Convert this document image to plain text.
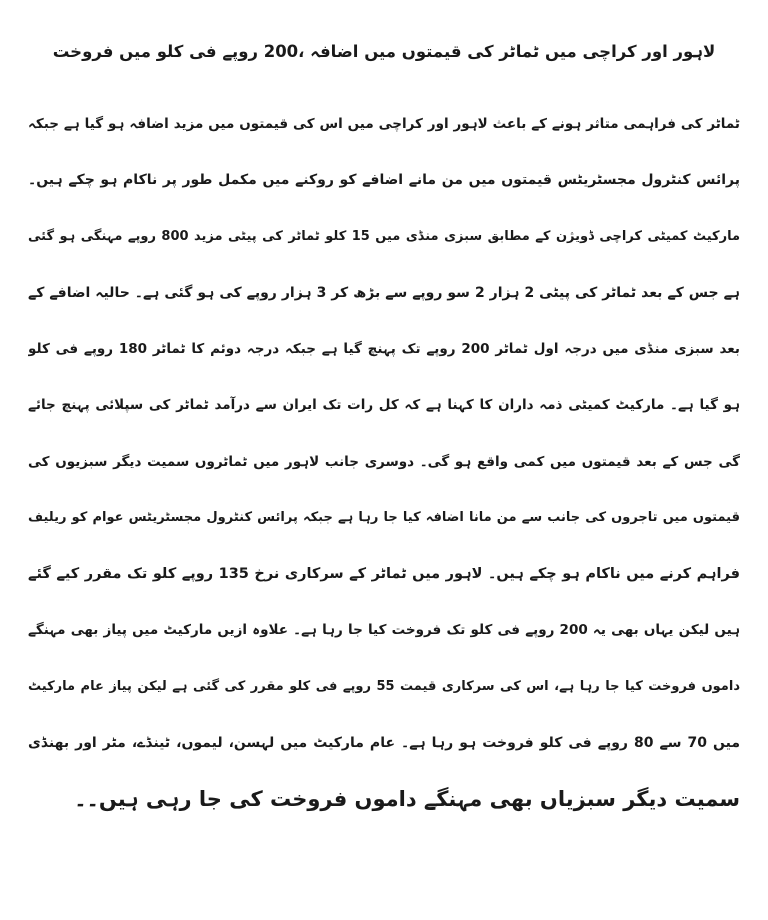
لاہور اور کراچی میں ٹماٹر کی قیمتوں میں اضافہ ،200 روپے فی کلو میں فروخت
ٹماٹر کی فراہمی متاثر ہونے کے باعث لاہور اور کراچی میں اس کی قیمتوں میں مزید اضافہ ہو گیا ہے جبکہ
پرائس کنٹرول مجسٹریٹس قیمتوں میں من مانے اضافے کو روکنے میں مکمل طور پر ناکام ہو چکے ہیں۔
مارکیٹ کمیٹی کراچی ڈویژن کے مطابق سبزی منڈی میں 15 کلو ٹماٹر کی پیٹی مزید 800 روپے مہنگی ہو گئی
ہے جس کے بعد ٹماٹر کی پیٹی 2 ہزار 2 سو روپے سے بڑھ کر 3 ہزار روپے کی ہو گئی ہے۔ حالیہ اضافے کے
بعد سبزی منڈی میں درجہ اول ٹماٹر 200 روپے تک پہنچ گیا ہے جبکہ درجہ دوئم کا ٹماٹر 180 روپے فی کلو
ہو گیا ہے۔ مارکیٹ کمیٹی ذمہ داران کا کہنا ہے کہ کل رات تک ایران سے درآمد ٹماٹر کی سپلائی پہنچ جائے
گی جس کے بعد قیمتوں میں کمی واقع ہو گی۔ دوسری جانب لاہور میں ٹماٹروں سمیت دیگر سبزیوں کی
قیمتوں میں تاجروں کی جانب سے من مانا اضافہ کیا جا رہا ہے جبکہ پرائس کنٹرول مجسٹریٹس عوام کو ریلیف
فراہم کرنے میں ناکام ہو چکے ہیں۔ لاہور میں ٹماٹر کے سرکاری نرخ 135 روپے کلو تک مقرر کیے گئے
ہیں لیکن یہاں بھی یہ 200 روپے فی کلو تک فروخت کیا جا رہا ہے۔ علاوہ ازیں مارکیٹ میں پیاز بھی مہنگے
داموں فروخت کیا جا رہا ہے، اس کی سرکاری قیمت 55 روپے فی کلو مقرر کی گئی ہے لیکن پیاز عام مارکیٹ
میں 70 سے 80 روپے فی کلو فروخت ہو رہا ہے۔ عام مارکیٹ میں لہسن، لیموں، ٹینڈے، مٹر اور بھنڈی
سمیت دیگر سبزیاں بھی مہنگے داموں فروخت کی جا رہی ہیں۔۔
